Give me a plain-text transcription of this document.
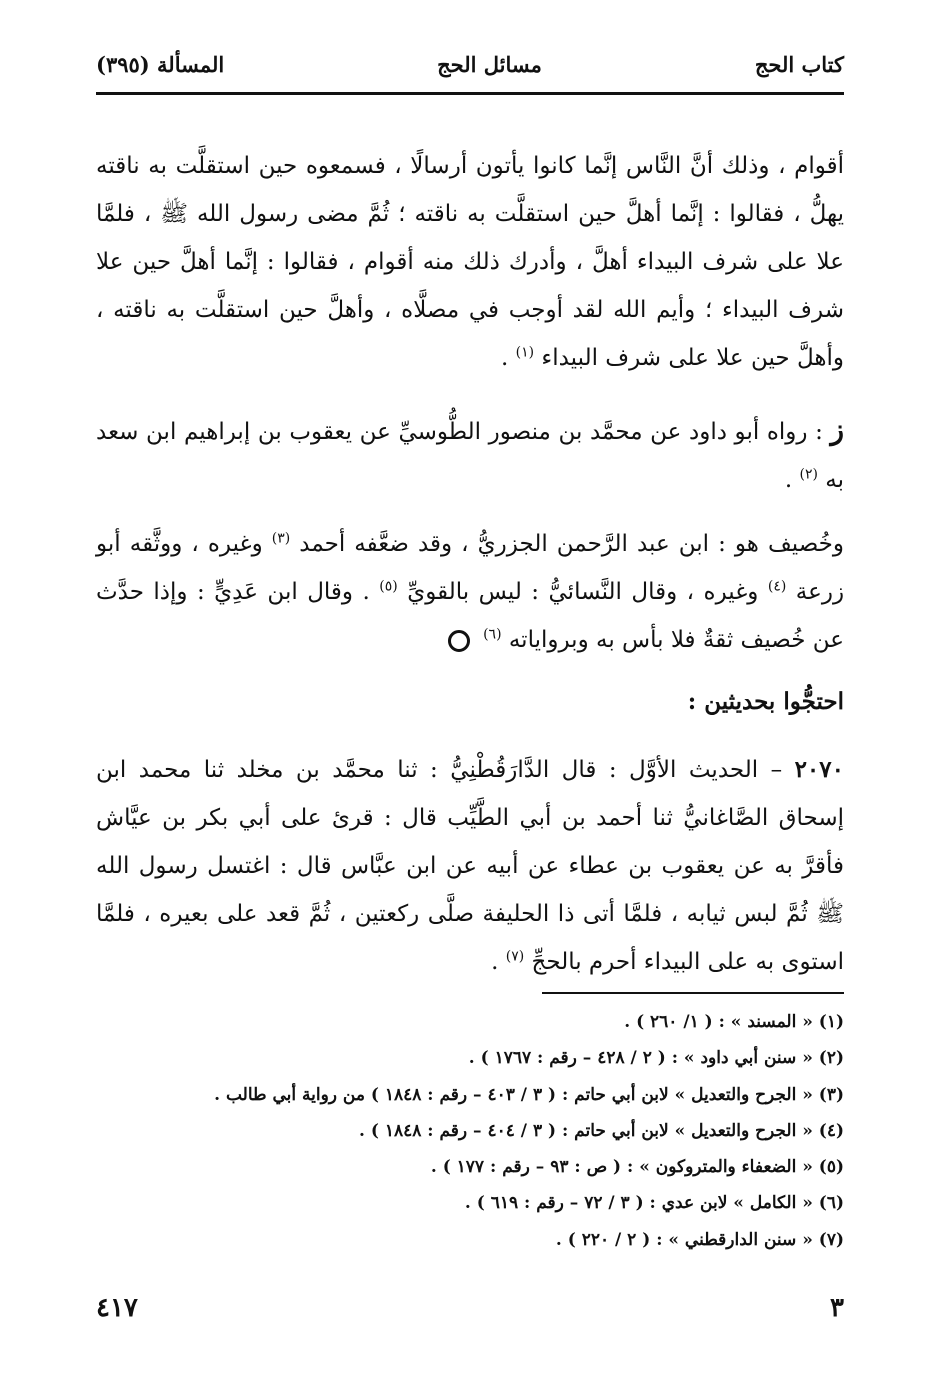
كتاب الحج
مسائل الحج
المسألة (٣٩٥)
أقوام ، وذلك أنَّ النَّاس إنَّما كانوا يأتون أرسالًا ، فسمعوه حين استقلَّت به ناقته يهلُّ ، فقالوا : إنَّما أهلَّ حين استقلَّت به ناقته ؛ ثُمَّ مضى رسول الله ﷺ ، فلمَّا علا على شرف البيداء أهلَّ ، وأدرك ذلك منه أقوام ، فقالوا : إنَّما أهلَّ حين علا شرف البيداء ؛ وأيم الله لقد أوجب في مصلَّاه ، وأهلَّ حين استقلَّت به ناقته ، وأهلَّ حين علا على شرف البيداء $^{(١)}$ .
ز : رواه أبو داود عن محمَّد بن منصور الطُّوسيِّ عن يعقوب بن إبراهيم ابن سعد به $^{(٢)}$ .
وخُصيف هو : ابن عبد الرَّحمن الجزريُّ ، وقد ضعَّفه أحمد $^{(٣)}$ وغيره ، ووثَّقه أبو زرعة $^{(٤)}$ وغيره ، وقال النَّسائيُّ : ليس بالقويِّ $^{(٥)}$ . وقال ابن عَدِيٍّ : وإذا حدَّث عن خُصيف ثقةٌ فلا بأس به وبرواياته $^{(٦)}$
احتجُّوا بحديثين :
٢٠٧٠ – الحديث الأوَّل : قال الدَّارَقُطْنِيُّ : ثنا محمَّد بن مخلد ثنا محمد ابن إسحاق الصَّاغانيُّ ثنا أحمد بن أبي الطَّيِّب قال : قرئ على أبي بكر بن عيَّاش فأقرَّ به عن يعقوب بن عطاء عن أبيه عن ابن عبَّاس قال : اغتسل رسول الله ﷺ ثُمَّ لبس ثيابه ، فلمَّا أتى ذا الحليفة صلَّى ركعتين ، ثُمَّ قعد على بعيره ، فلمَّا استوى به على البيداء أحرم بالحجِّ $^{(٧)}$ .
(١) « المسند » : ( ١/ ٢٦٠ ) .
(٢) « سنن أبي داود » : ( ٢ / ٤٢٨ – رقم : ١٧٦٧ ) .
(٣) « الجرح والتعديل » لابن أبي حاتم : ( ٣ / ٤٠٣ – رقم : ١٨٤٨ ) من رواية أبي طالب .
(٤) « الجرح والتعديل » لابن أبي حاتم : ( ٣ / ٤٠٤ – رقم : ١٨٤٨ ) .
(٥) « الضعفاء والمتروكون » : ( ص : ٩٣ – رقم : ١٧٧ ) .
(٦) « الكامل » لابن عدي : ( ٣ / ٧٢ – رقم : ٦١٩ ) .
(٧) « سنن الدارقطني » : ( ٢ / ٢٢٠ ) .
٣
٤١٧
